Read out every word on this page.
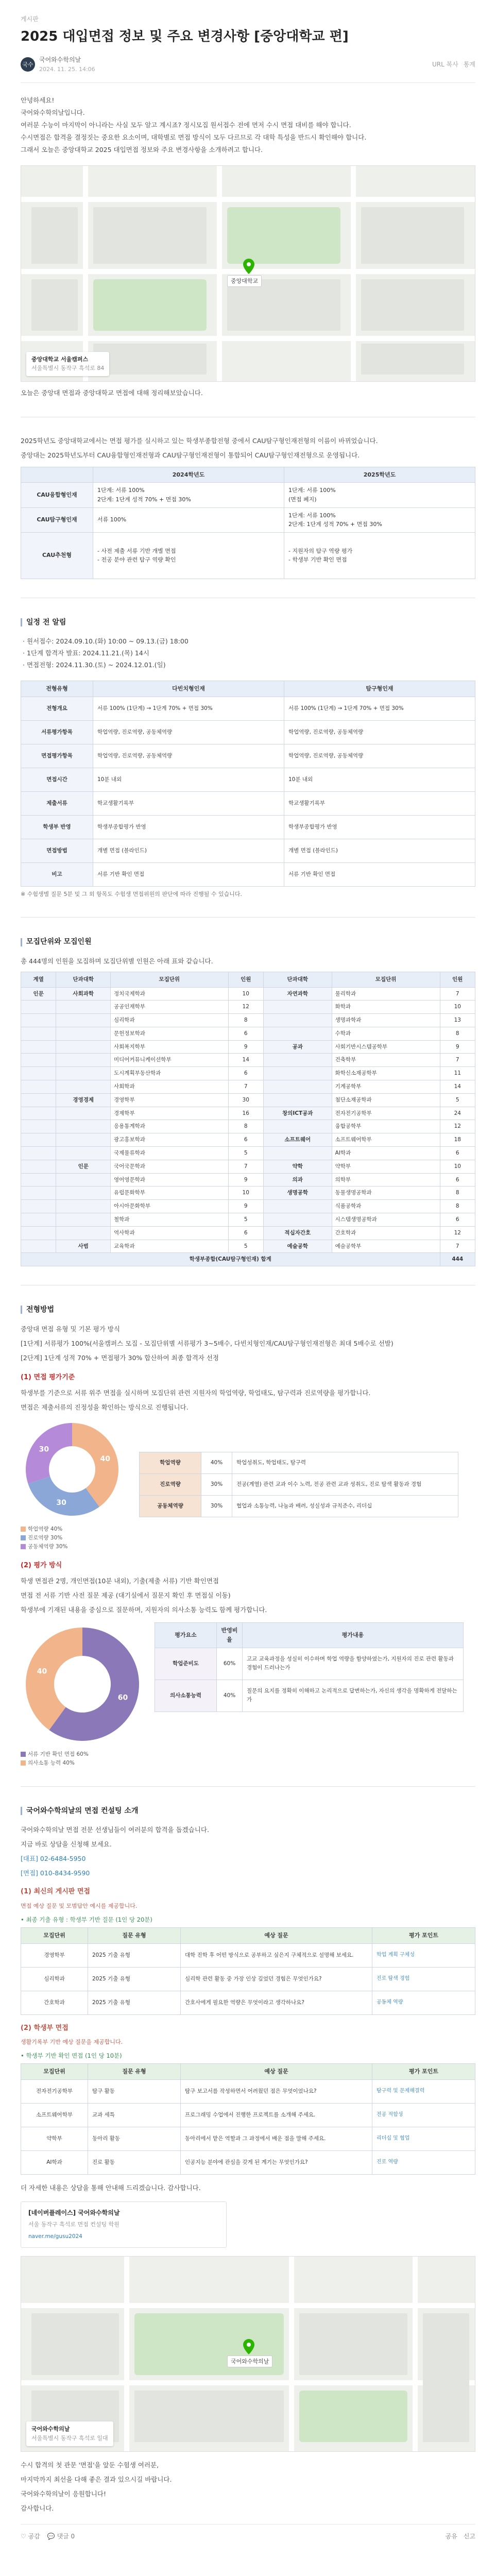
게시판
2025 대입면접 정보 및 주요 변경사항 [중앙대학교 편]
국수
국어와수학의날
2024. 11. 25. 14:06
URL 복사 통계

안녕하세요!

국어와수학의날입니다.

여러분 수능이 마지막이 아니라는 사실 모두 알고 계시죠? 정시모집 원서접수 전에 먼저 수시 면접 대비를 해야 합니다.

수시면접은 합격을 결정짓는 중요한 요소이며, 대학별로 면접 방식이 모두 다르므로 각 대학 특성을 반드시 확인해야 합니다.

그래서 오늘은 중앙대학교 2025 대입면접 정보와 주요 변경사항을 소개하려고 합니다.

중앙대학교
중앙대학교 서울캠퍼스
서울특별시 동작구 흑석로 84
오늘은 중앙대 면접과 중앙대학교 면접에 대해 정리해보았습니다.

2025학년도 중앙대학교에서는 면접 평가를 실시하고 있는 학생부종합전형 중에서 CAU탐구형인재전형의 이름이 바뀌었습니다.

중앙대는 2025학년도부터 CAU융합형인재전형과 CAU탐구형인재전형이 통합되어 CAU탐구형인재전형으로 운영됩니다.

	2024학년도	2025학년도
CAU융합형인재	1단계: 서류 100%
2단계: 1단계 성적 70% + 면접 30%	1단계: 서류 100%
(면접 폐지)
CAU탐구형인재	서류 100%	1단계: 서류 100%
2단계: 1단계 성적 70% + 면접 30%
CAU추천형	- 사전 제출 서류 기반 개별 면접
- 전공 분야 관련 탐구 역량 확인	- 지원자의 탐구 역량 평가
- 학생부 기반 확인 면접
일정 전 알림
· 원서접수: 2024.09.10.(화) 10:00 ~ 09.13.(금) 18:00
· 1단계 합격자 발표: 2024.11.21.(목) 14시
· 면접전형: 2024.11.30.(토) ~ 2024.12.01.(일)
전형유형	다빈치형인재	탐구형인재
전형개요	서류 100% (1단계) → 1단계 70% + 면접 30%	서류 100% (1단계) → 1단계 70% + 면접 30%
서류평가항목	학업역량, 진로역량, 공동체역량	학업역량, 진로역량, 공동체역량
면접평가항목	학업역량, 진로역량, 공동체역량	학업역량, 진로역량, 공동체역량
면접시간	10분 내외	10분 내외
제출서류	학교생활기록부	학교생활기록부
학생부 반영	학생부종합평가 반영	학생부종합평가 반영
면접방법	개별 면접 (블라인드)	개별 면접 (블라인드)
비고	서류 기반 확인 면접	서류 기반 확인 면접
※ 수험생별 질문 5분 및 그 외 항목도 수험생 면접위원의 판단에 따라 진행될 수 있습니다.
모집단위와 모집인원

총 444명의 인원을 모집하며 모집단위별 인원은 아래 표와 같습니다.

계열	단과대학	모집단위	인원	단과대학	모집단위	인원
인문	사회과학	정치국제학과	10	자연과학	물리학과	7
		공공인재학부	12		화학과	10
		심리학과	8		생명과학과	13
		문헌정보학과	6		수학과	8
		사회복지학부	9	공과	사회기반시스템공학부	9
		미디어커뮤니케이션학부	14		건축학부	7
		도시계획부동산학과	6		화학신소재공학부	11
		사회학과	7		기계공학부	14
	경영경제	경영학부	30		첨단소재공학과	5
		경제학부	16	창의ICT공과	전자전기공학부	24
		응용통계학과	8		융합공학부	12
		광고홍보학과	6	소프트웨어	소프트웨어학부	18
		국제물류학과	5		AI학과	6
	인문	국어국문학과	7	약학	약학부	10
		영어영문학과	9	의과	의학부	6
		유럽문화학부	10	생명공학	동물생명공학과	8
		아시아문화학부	9		식품공학과	8
		철학과	5		시스템생명공학과	6
		역사학과	6	적십자간호	간호학과	12
	사범	교육학과	5	예술공학	예술공학부	7
학생부종합(CAU탐구형인재) 합계						444
전형방법

중앙대 면접 유형 및 기본 평가 방식

[1단계] 서류평가 100%(서울캠퍼스 모집 - 모집단위별 서류평가 3~5배수, 다빈치형인재/CAU탐구형인재전형은 최대 5배수로 선발)

[2단계] 1단계 성적 70% + 면접평가 30% 합산하여 최종 합격자 선정

(1) 면접 평가기준

학생부를 기준으로 서류 위주 면접을 실시하며 모집단위 관련 지원자의 학업역량, 학업태도, 탐구력과 진로역량을 평가합니다.

면접은 제출서류의 진정성을 확인하는 방식으로 진행됩니다.

40
30
30
학업역량 40%
진로역량 30%
공동체역량 30%
학업역량	40%	학업성취도, 학업태도, 탐구력
진로역량	30%	전공(계열) 관련 교과 이수 노력, 전공 관련 교과 성취도, 진로 탐색 활동과 경험
공동체역량	30%	협업과 소통능력, 나눔과 배려, 성실성과 규칙준수, 리더십
(2) 평가 방식

학생 면접관 2명, 개인면접(10분 내외), 기출(제출 서류) 기반 확인면접

면접 전 서류 기반 사전 질문 제공 (대기실에서 질문지 확인 후 면접실 이동)

학생부에 기재된 내용을 중심으로 질문하며, 지원자의 의사소통 능력도 함께 평가합니다.

60
40
서류 기반 확인 면접 60%
의사소통 능력 40%
평가요소	반영비율	평가내용
학업준비도	60%	고교 교육과정을 성실히 이수하며 학업 역량을 함양하였는가, 지원자의 진로 관련 활동과 경험이 드러나는가
의사소통능력	40%	질문의 요지를 정확히 이해하고 논리적으로 답변하는가, 자신의 생각을 명확하게 전달하는가
국어와수학의날의 면접 컨설팅 소개

국어와수학의날 면접 전문 선생님들이 여러분의 합격을 돕겠습니다.

지금 바로 상담을 신청해 보세요.

[대표] 02-6484-5950

[면접] 010-8434-9590

(1) 최신의 게시판 면접
면접 예상 질문 및 모범답안 예시를 제공합니다.
• 최종 기출 유형 : 학생부 기반 질문 (1인 당 20분)
모집단위	질문 유형	예상 질문	평가 포인트
경영학부	2025 기출 유형	대학 진학 후 어떤 방식으로 공부하고 싶은지 구체적으로 설명해 보세요.	학업 계획 구체성
심리학과	2025 기출 유형	심리학 관련 활동 중 가장 인상 깊었던 경험은 무엇인가요?	진로 탐색 경험
간호학과	2025 기출 유형	간호사에게 필요한 역량은 무엇이라고 생각하나요?	공동체 역량
(2) 학생부 면접
생활기록부 기반 예상 질문을 제공합니다.
• 학생부 기반 확인 면접 (1인 당 10분)
모집단위	질문 유형	예상 질문	평가 포인트
전자전기공학부	탐구 활동	탐구 보고서를 작성하면서 어려웠던 점은 무엇이었나요?	탐구력 및 문제해결력
소프트웨어학부	교과 세특	프로그래밍 수업에서 진행한 프로젝트를 소개해 주세요.	전공 적합성
약학부	동아리 활동	동아리에서 맡은 역할과 그 과정에서 배운 점을 말해 주세요.	리더십 및 협업
AI학과	진로 활동	인공지능 분야에 관심을 갖게 된 계기는 무엇인가요?	진로 역량

더 자세한 내용은 상담을 통해 안내해 드리겠습니다. 감사합니다.

[네이버플레이스] 국어와수학의날
서울 동작구 흑석로 면접 컨설팅 학원
naver.me/gusu2024
국어와수학의날
국어와수학의날
서울특별시 동작구 흑석로 일대

수시 합격의 첫 관문 '면접'을 앞둔 수험생 여러분,

마지막까지 최선을 다해 좋은 결과 있으시길 바랍니다.

국어와수학의날이 응원합니다!

감사합니다.

♡ 공감 💬 댓글 0	공유 신고
